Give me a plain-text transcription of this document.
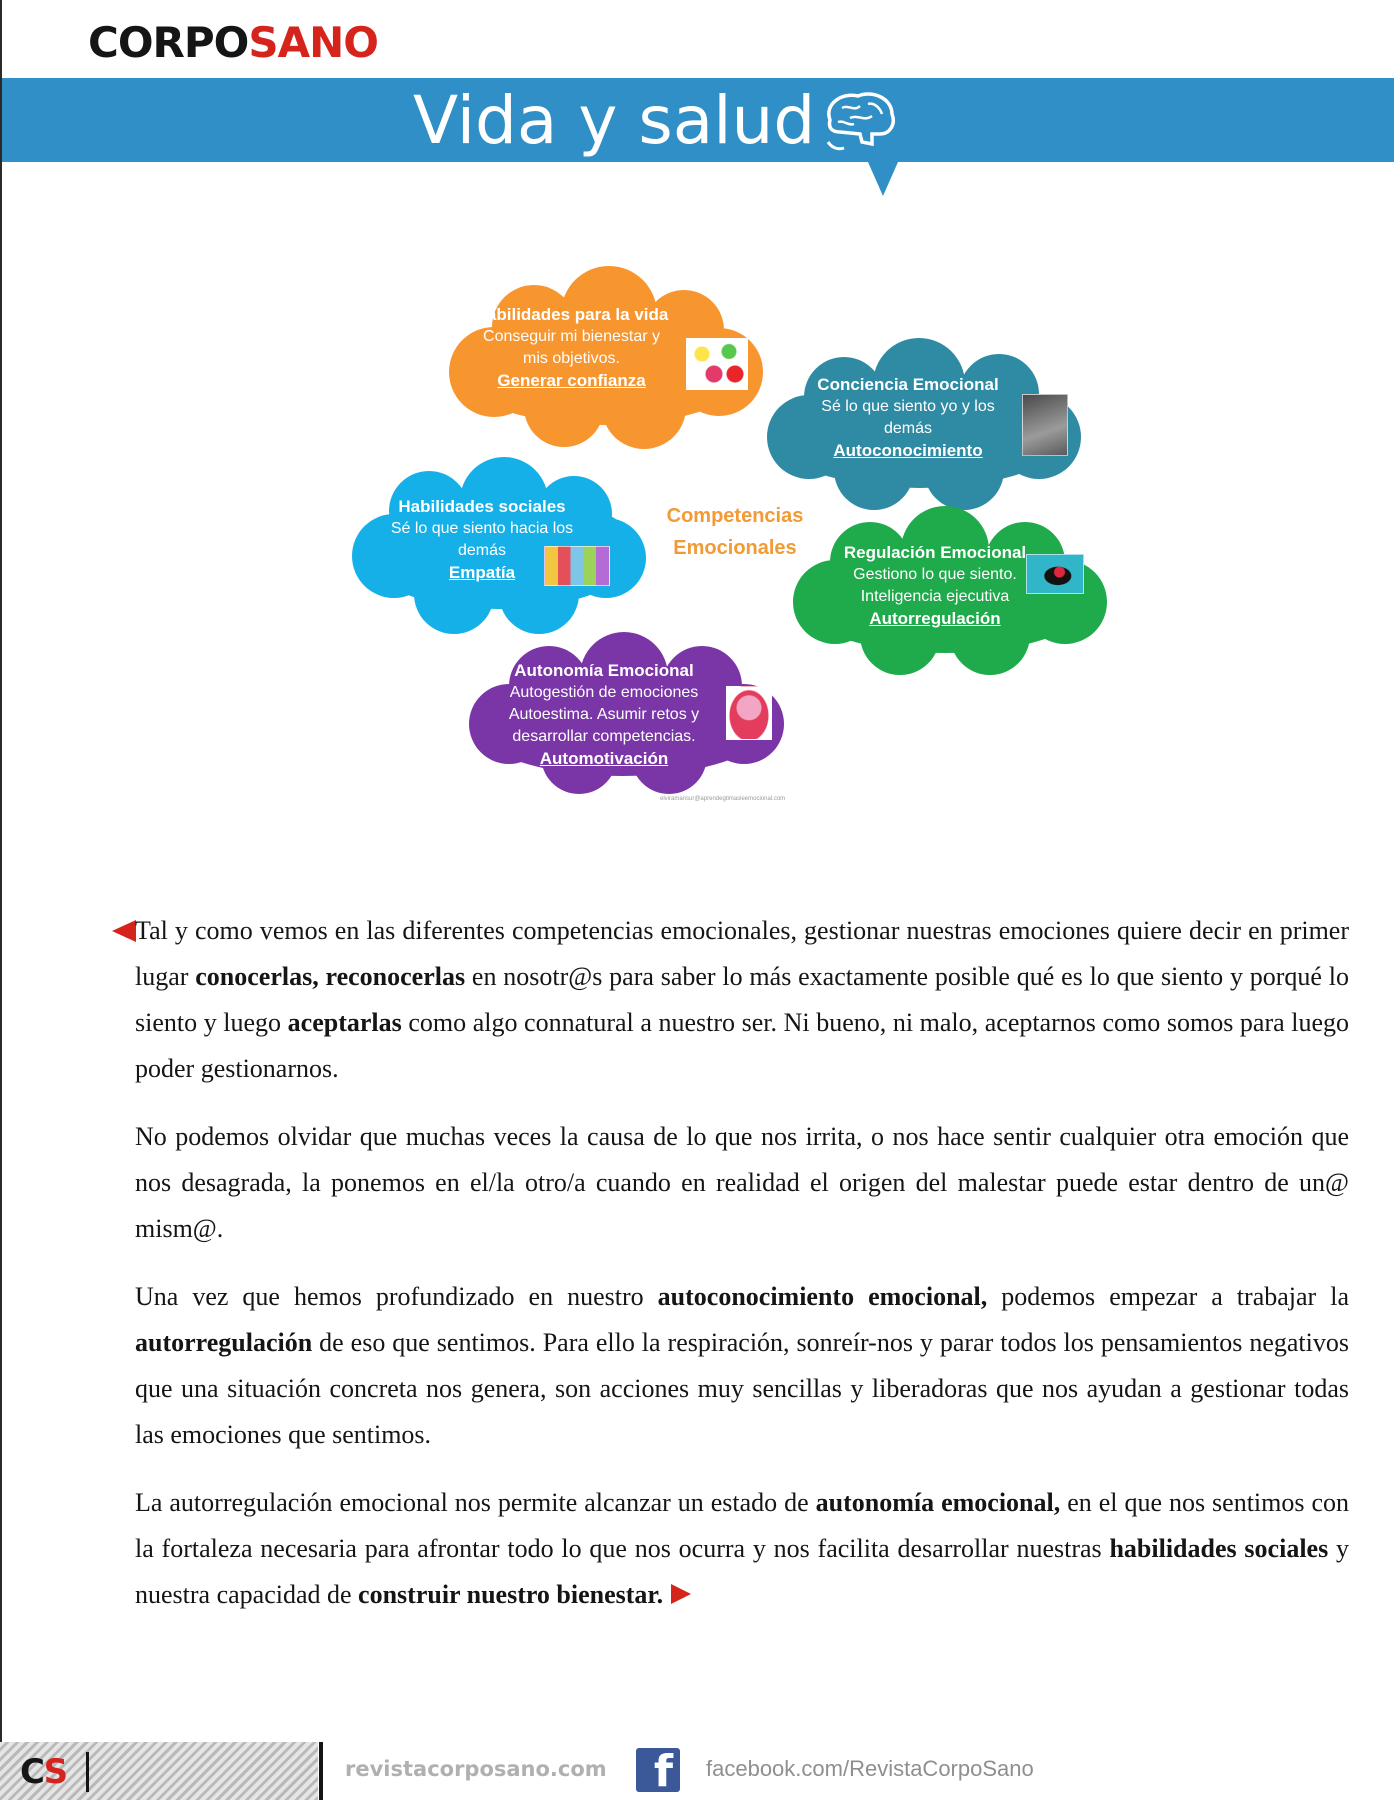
CORPOSANO
Vida y salud
Habilidades para la vida
Conseguir mi bienestar y
mis objetivos.
Generar confianza	Conciencia Emocional
Sé lo que siento yo y los
demás
Autoconocimiento
Habilidades sociales
Sé lo que siento hacia los
demás
Empatía
Competencias
Emocionales	Regulación Emocional
Gestiono lo que siento.
Inteligencia ejecutiva
Autorregulación
Autonomía Emocional
Autogestión de emociones
Autoestima. Asumir retos y
desarrollar competencias.
Automotivación
elviramansur@aprendegtimasleemocional.com

Tal y como vemos en las diferentes competencias emocionales, gestionar nuestras emociones quiere decir en primer lugar conocerlas, reconocerlas en nosotr@s para saber lo más exactamente posible qué es lo que siento y porqué lo siento y luego aceptarlas como algo connatural a nuestro ser. Ni bueno, ni malo, aceptarnos como somos para luego poder gestionarnos.

No podemos olvidar que muchas veces la causa de lo que nos irrita, o nos hace sentir cualquier otra emoción que nos desagrada, la ponemos en el/la otro/a cuando en realidad el origen del malestar puede estar dentro de un@ mism@.

Una vez que hemos profundizado en nuestro autoconocimiento emocional, podemos empezar a trabajar la autorregulación de eso que sentimos. Para ello la respiración, sonreír-nos y parar todos los pensamientos negativos que una situación concreta nos genera, son acciones muy sencillas y liberadoras que nos ayudan a gestionar todas las emociones que sentimos.

La autorregulación emocional nos permite alcanzar un estado de autonomía emocional, en el que nos sentimos con la fortaleza necesaria para afrontar todo lo que nos ocurra y nos facilita desarrollar nuestras habilidades sociales y nuestra capacidad de construir nuestro bienestar.

CS	revistacorposano.com f facebook.com/RevistaCorpoSano
